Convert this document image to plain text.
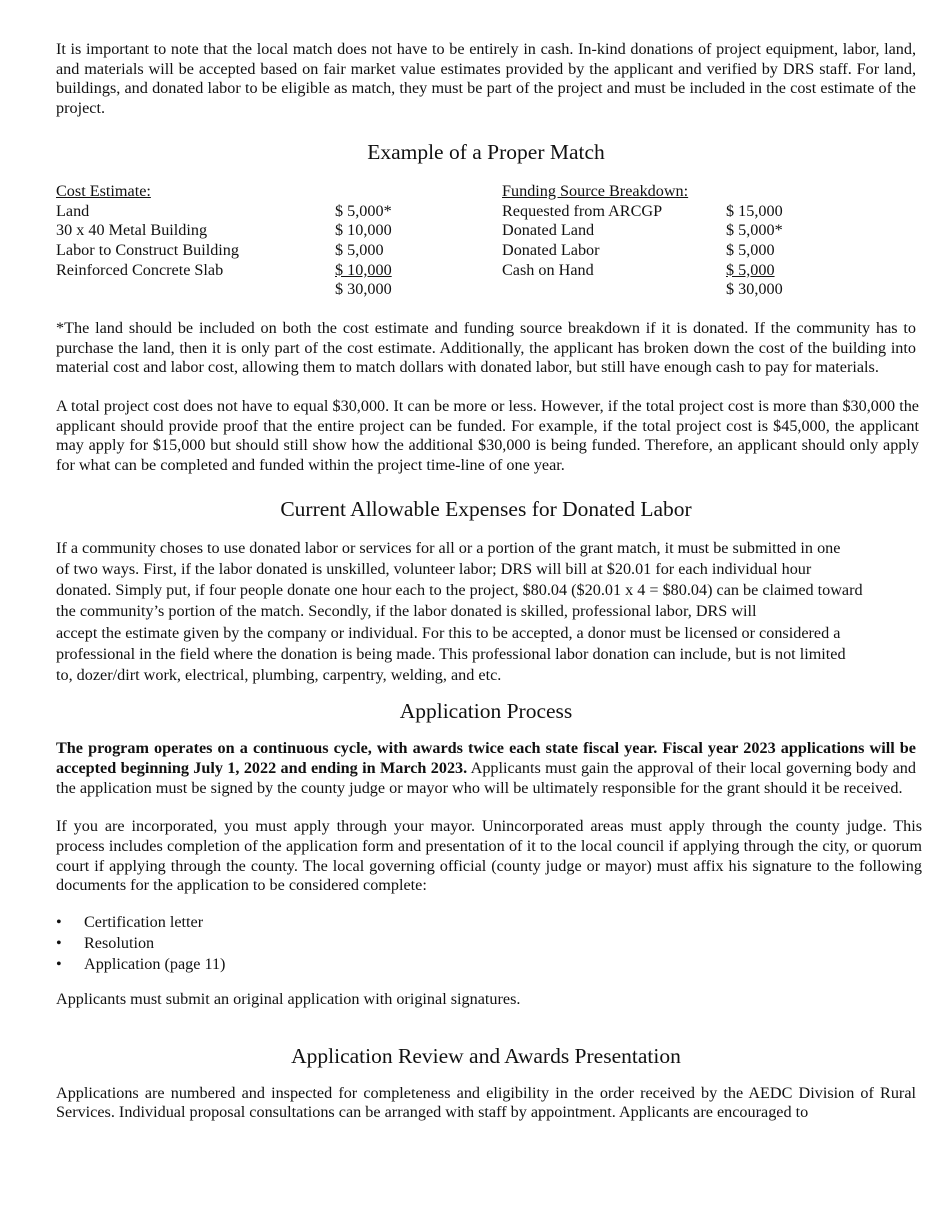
It is important to note that the local match does not have to be entirely in cash. In-kind donations of project equipment, labor, land, and materials will be accepted based on fair market value estimates provided by the applicant and verified by DRS staff. For land, buildings, and donated labor to be eligible as match, they must be part of the project and must be included in the cost estimate of the project.

Example of a Proper Match
Cost Estimate:	
Land	$ 5,000*
30 x 40 Metal Building	$ 10,000
Labor to Construct Building	$ 5,000
Reinforced Concrete Slab	$ 10,000
	$ 30,000
Funding Source Breakdown:	
Requested from ARCGP	$ 15,000
Donated Land	$ 5,000*
Donated Labor	$ 5,000
Cash on Hand	$ 5,000
	$ 30,000

*The land should be included on both the cost estimate and funding source breakdown if it is donated. If the community has to purchase the land, then it is only part of the cost estimate. Additionally, the applicant has broken down the cost of the building into material cost and labor cost, allowing them to match dollars with donated labor, but still have enough cash to pay for materials.

A total project cost does not have to equal $30,000. It can be more or less. However, if the total project cost is more than $30,000 the applicant should provide proof that the entire project can be funded. For example, if the total project cost is $45,000, the applicant may apply for $15,000 but should still show how the additional $30,000 is being funded. Therefore, an applicant should only apply for what can be completed and funded within the project time-line of one year.

Current Allowable Expenses for Donated Labor
If a community choses to use donated labor or services for all or a portion of the grant match, it must be submitted in one
of two ways. First, if the labor donated is unskilled, volunteer labor; DRS will bill at $20.01 for each individual hour
donated. Simply put, if four people donate one hour each to the project, $80.04 ($20.01 x 4 = $80.04) can be claimed toward
the community’s portion of the match. Secondly, if the labor donated is skilled, professional labor, DRS will
accept the estimate given by the company or individual. For this to be accepted, a donor must be licensed or considered a
professional in the field where the donation is being made. This professional labor donation can include, but is not limited
to, dozer/dirt work, electrical, plumbing, carpentry, welding, and etc.
Application Process

The program operates on a continuous cycle, with awards twice each state fiscal year. Fiscal year 2023 applications will be accepted beginning July 1, 2022 and ending in March 2023. Applicants must gain the approval of their local governing body and the application must be signed by the county judge or mayor who will be ultimately responsible for the grant should it be received.

If you are incorporated, you must apply through your mayor. Unincorporated areas must apply through the county judge. This process includes completion of the application form and presentation of it to the local council if applying through the city, or quorum court if applying through the county. The local governing official (county judge or mayor) must affix his signature to the following documents for the application to be considered complete:

• Certification letter
• Resolution
• Application (page 11)

Applicants must submit an original application with original signatures.

Application Review and Awards Presentation

Applications are numbered and inspected for completeness and eligibility in the order received by the AEDC Division of Rural Services. Individual proposal consultations can be arranged with staff by appointment. Applicants are encouraged to
